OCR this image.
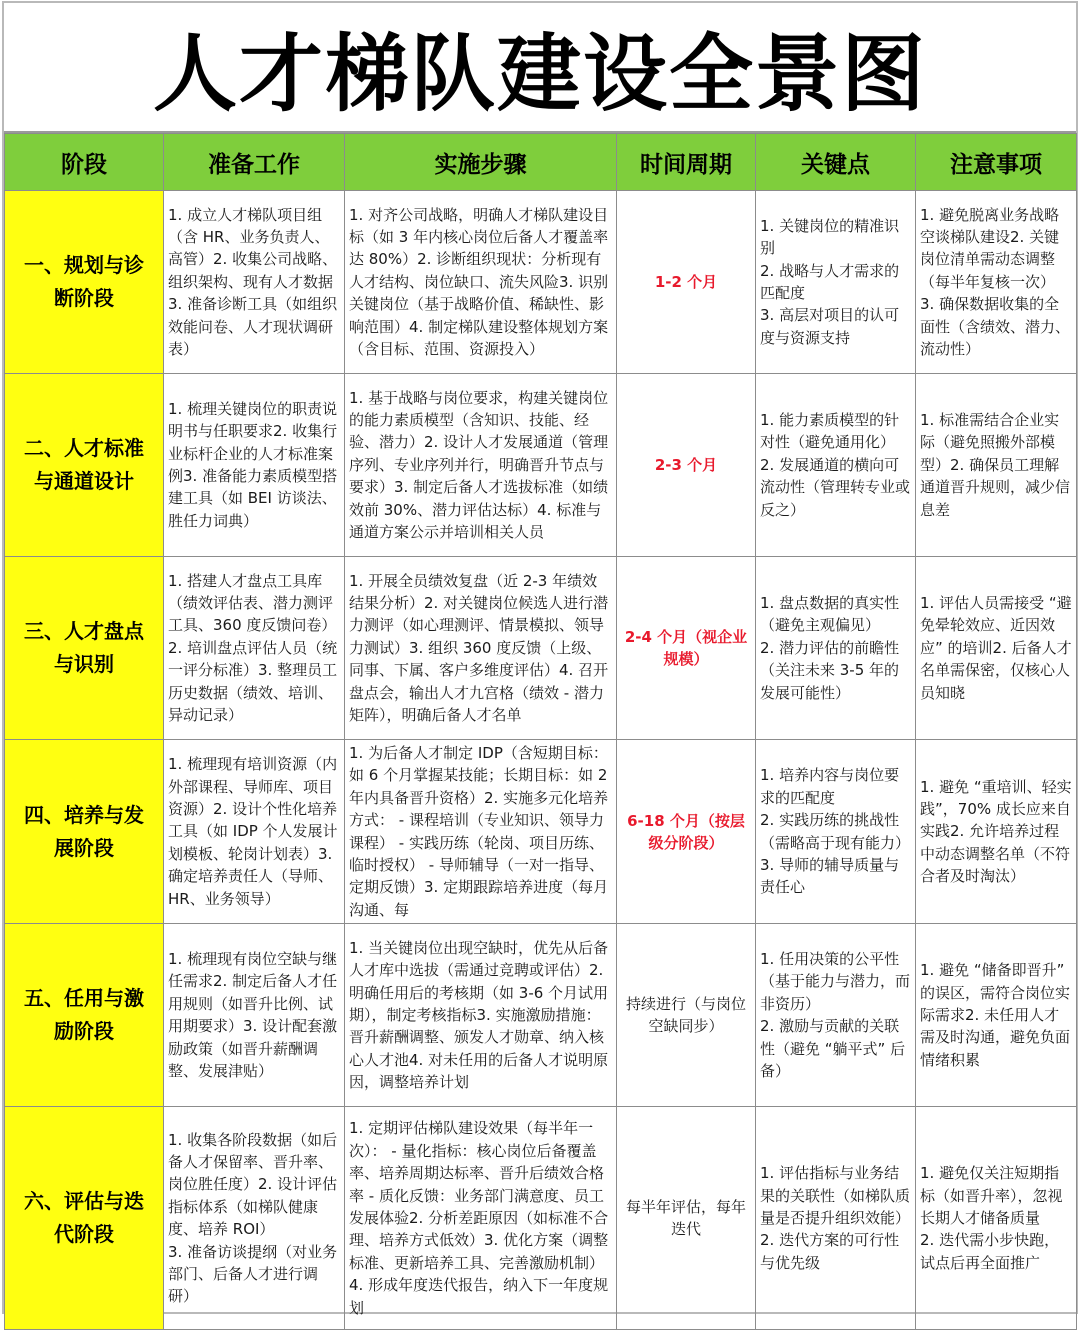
人才梯队建设全景图
阶段	准备工作	实施步骤	时间周期	关键点	注意事项

一、规划与诊断阶段	1. 成立人才梯队项目组（含 HR、业务负责人、高管）2. 收集公司战略、组织架构、现有人才数据3. 准备诊断工具（如组织效能问卷、人才现状调研表）	1. 对齐公司战略，明确人才梯队建设目标（如 3 年内核心岗位后备人才覆盖率达 80%）2. 诊断组织现状：分析现有人才结构、岗位缺口、流失风险3. 识别关键岗位（基于战略价值、稀缺性、影响范围）4. 制定梯队建设整体规划方案（含目标、范围、资源投入）	1-2 个月	1. 关键岗位的精准识别
2. 战略与人才需求的匹配度
3. 高层对项目的认可度与资源支持	1. 避免脱离业务战略空谈梯队建设2. 关键岗位清单需动态调整（每半年复核一次）
3. 确保数据收集的全面性（含绩效、潜力、流动性）

二、人才标准与通道设计	1. 梳理关键岗位的职责说明书与任职要求2. 收集行业标杆企业的人才标准案例3. 准备能力素质模型搭建工具（如 BEI 访谈法、胜任力词典）	1. 基于战略与岗位要求，构建关键岗位的能力素质模型（含知识、技能、经验、潜力）2. 设计人才发展通道（管理序列、专业序列并行，明确晋升节点与要求）3. 制定后备人才选拔标准（如绩效前 30%、潜力评估达标）4. 标准与通道方案公示并培训相关人员	2-3 个月	1. 能力素质模型的针对性（避免通用化）
2. 发展通道的横向可流动性（管理转专业或反之）	1. 标准需结合企业实际（避免照搬外部模型）2. 确保员工理解通道晋升规则，减少信息差

三、人才盘点与识别	1. 搭建人才盘点工具库（绩效评估表、潜力测评工具、360 度反馈问卷）2. 培训盘点评估人员（统一评分标准）3. 整理员工历史数据（绩效、培训、异动记录）	1. 开展全员绩效复盘（近 2-3 年绩效结果分析）2. 对关键岗位候选人进行潜力测评（如心理测评、情景模拟、领导力测试）3. 组织 360 度反馈（上级、同事、下属、客户多维度评估）4. 召开盘点会，输出人才九宫格（绩效 - 潜力矩阵），明确后备人才名单	2-4 个月（视企业规模）	1. 盘点数据的真实性（避免主观偏见）
2. 潜力评估的前瞻性（关注未来 3-5 年的发展可能性）	1. 评估人员需接受 “避免晕轮效应、近因效应” 的培训2. 后备人才名单需保密，仅核心人员知晓

四、培养与发展阶段	1. 梳理现有培训资源（内外部课程、导师库、项目资源）2. 设计个性化培养工具（如 IDP 个人发展计划模板、轮岗计划表）3. 确定培养责任人（导师、HR、业务领导）	1. 为后备人才制定 IDP（含短期目标：如 6 个月掌握某技能；长期目标：如 2 年内具备晋升资格）2. 实施多元化培养方式： - 课程培训（专业知识、领导力课程） - 实践历练（轮岗、项目历练、临时授权） - 导师辅导（一对一指导、定期反馈）3. 定期跟踪培养进度（每月沟通、每	6-18 个月（按层级分阶段）	1. 培养内容与岗位要求的匹配度
2. 实践历练的挑战性（需略高于现有能力）
3. 导师的辅导质量与责任心	1. 避免 “重培训、轻实践”，70% 成长应来自实践2. 允许培养过程中动态调整名单（不符合者及时淘汰）

五、任用与激励阶段	1. 梳理现有岗位空缺与继任需求2. 制定后备人才任用规则（如晋升比例、试用期要求）3. 设计配套激励政策（如晋升薪酬调整、发展津贴）	1. 当关键岗位出现空缺时，优先从后备人才库中选拔（需通过竞聘或评估）2. 明确任用后的考核期（如 3-6 个月试用期），制定考核指标3. 实施激励措施：晋升薪酬调整、颁发人才勋章、纳入核心人才池4. 对未任用的后备人才说明原因，调整培养计划	持续进行（与岗位空缺同步）	1. 任用决策的公平性（基于能力与潜力，而非资历）
2. 激励与贡献的关联性（避免 “躺平式” 后备）	1. 避免 “储备即晋升” 的误区，需符合岗位实际需求2. 未任用人才需及时沟通，避免负面情绪积累

六、评估与迭代阶段	1. 收集各阶段数据（如后备人才保留率、晋升率、岗位胜任度）2. 设计评估指标体系（如梯队健康度、培养 ROI）
3. 准备访谈提纲（对业务部门、后备人才进行调研）	1. 定期评估梯队建设效果（每半年一次）： - 量化指标：核心岗位后备覆盖率、培养周期达标率、晋升后绩效合格率 - 质化反馈：业务部门满意度、员工发展体验2. 分析差距原因（如标准不合理、培养方式低效）3. 优化方案（调整标准、更新培养工具、完善激励机制）4. 形成年度迭代报告，纳入下一年度规划	每半年评估，每年迭代	1. 评估指标与业务结果的关联性（如梯队质量是否提升组织效能）
2. 迭代方案的可行性与优先级	1. 避免仅关注短期指标（如晋升率），忽视长期人才储备质量
2. 迭代需小步快跑，试点后再全面推广
